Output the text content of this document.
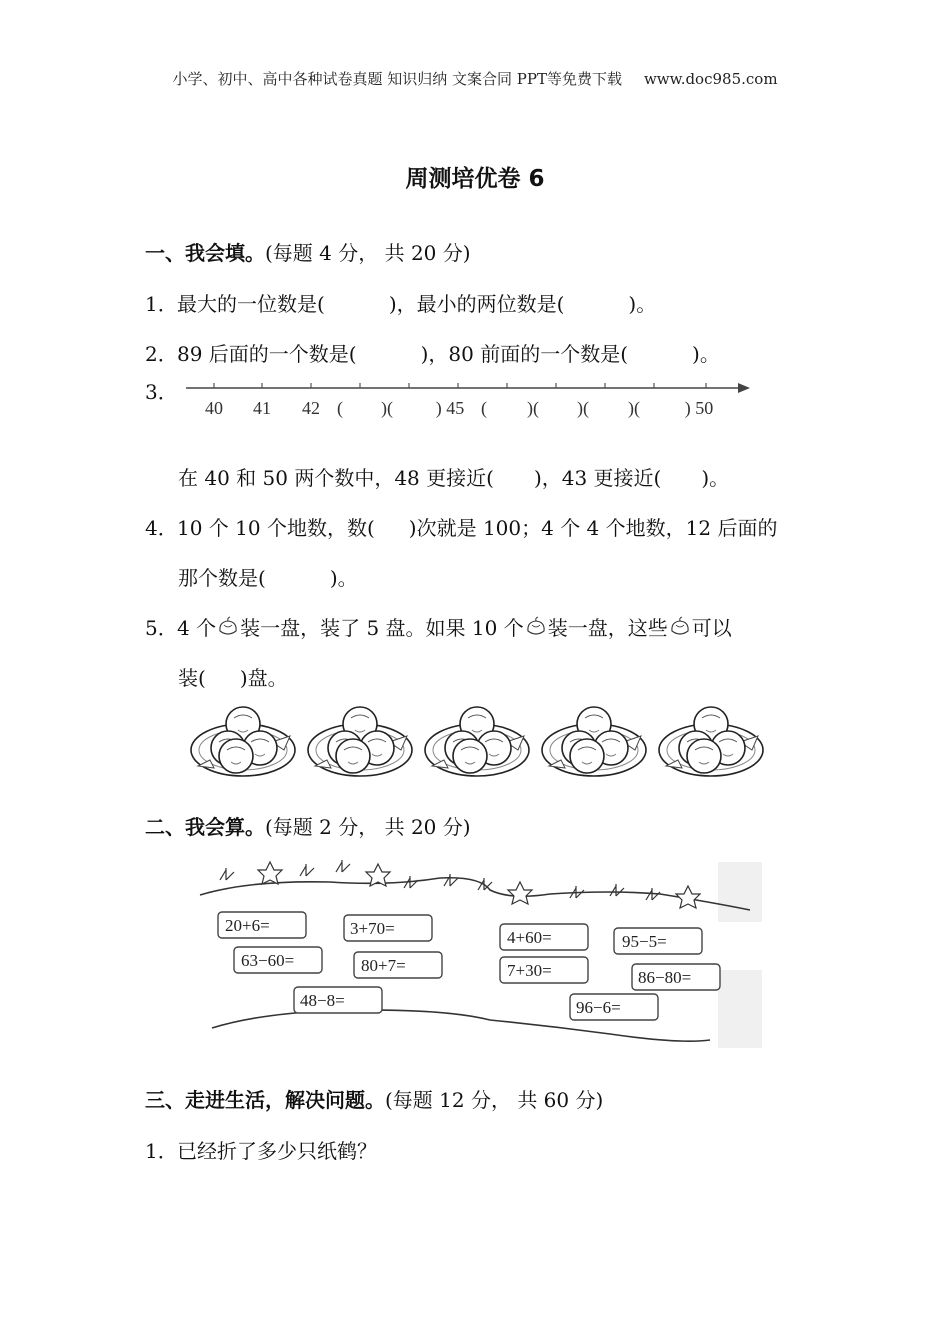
小学、初中、高中各种试卷真题 知识归纳 文案合同 PPT等免费下载 www.doc985.com
周测培优卷 6
一、我会填。(每题 4 分， 共 20 分)
1．最大的一位数是(	)，最小的两位数是(	)。
2．89 后面的一个数是(	)，80 前面的一个数是(	)。
3．
40 41 42 ( )( ) 45 ( )( )( )( ) 50
在 40 和 50 两个数中，48 更接近( )，43 更接近( )。
4．10 个 10 个地数，数( )次就是 100；4 个 4 个地数，12 后面的
那个数是(	)。
5．4 个 装一盘，装了 5 盘。如果 10 个 装一盘，这些 可以
装( )盘。
二、我会算。(每题 2 分， 共 20 分)
20+6=	3+70=	4+60=	95−5=
63−60=	80+7=	7+30=	86−80=
48−8=	96−6=
三、走进生活，解决问题。(每题 12 分， 共 60 分)
1．已经折了多少只纸鹤？
